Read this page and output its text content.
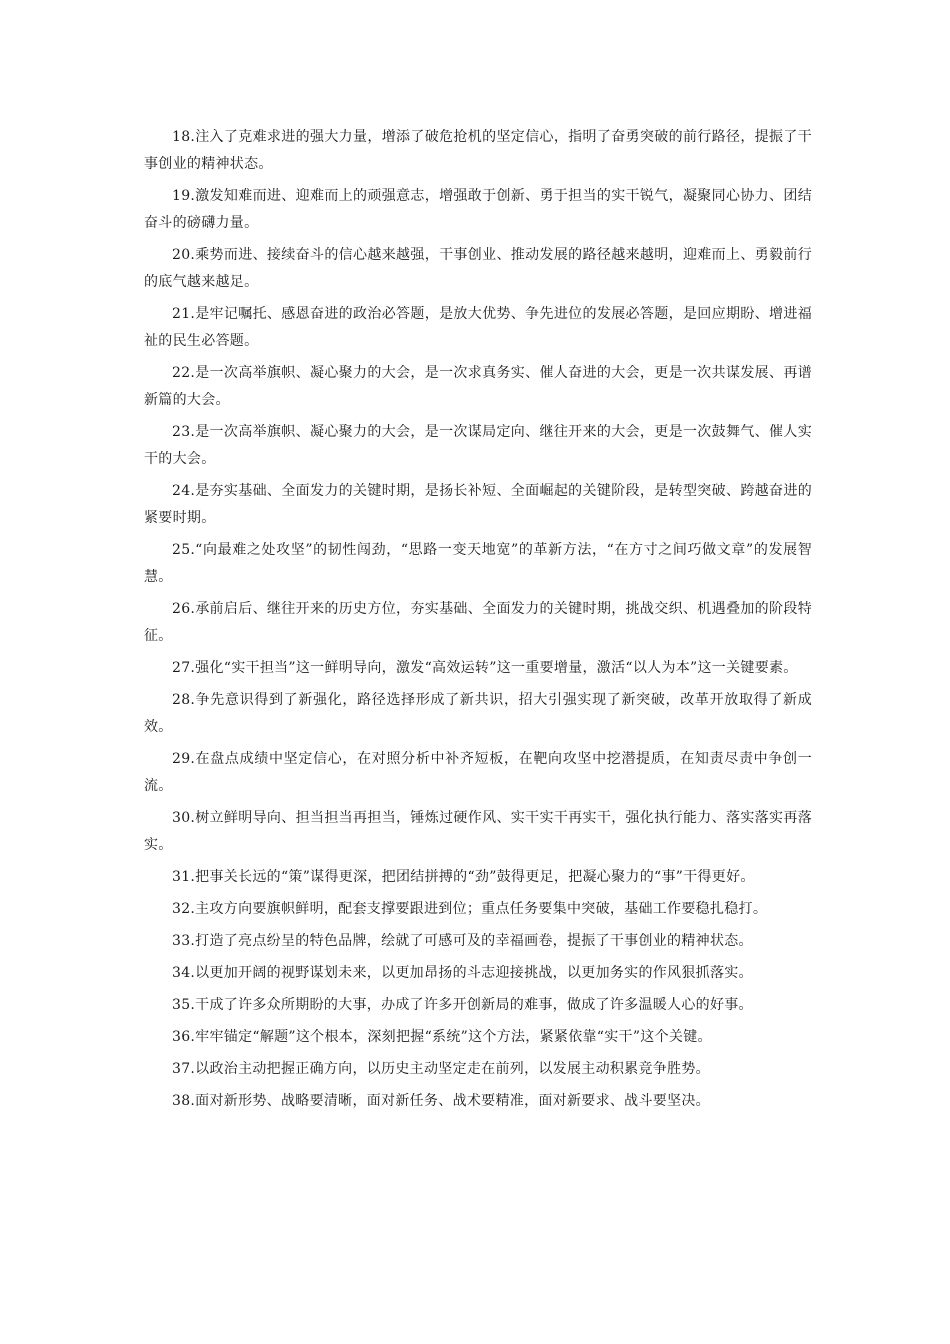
18.注入了克难求进的强大力量，增添了破危抢机的坚定信心，指明了奋勇突破的前行路径，提振了干事创业的精神状态。

19.激发知难而进、迎难而上的顽强意志，增强敢于创新、勇于担当的实干锐气，凝聚同心协力、团结奋斗的磅礴力量。

20.乘势而进、接续奋斗的信心越来越强，干事创业、推动发展的路径越来越明，迎难而上、勇毅前行的底气越来越足。

21.是牢记嘱托、感恩奋进的政治必答题，是放大优势、争先进位的发展必答题，是回应期盼、增进福祉的民生必答题。

22.是一次高举旗帜、凝心聚力的大会，是一次求真务实、催人奋进的大会，更是一次共谋发展、再谱新篇的大会。

23.是一次高举旗帜、凝心聚力的大会，是一次谋局定向、继往开来的大会，更是一次鼓舞气、催人实干的大会。

24.是夯实基础、全面发力的关键时期，是扬长补短、全面崛起的关键阶段，是转型突破、跨越奋进的紧要时期。

25.“向最难之处攻坚”的韧性闯劲，“思路一变天地宽”的革新方法，“在方寸之间巧做文章”的发展智慧。

26.承前启后、继往开来的历史方位，夯实基础、全面发力的关键时期，挑战交织、机遇叠加的阶段特征。

27.强化“实干担当”这一鲜明导向，激发“高效运转”这一重要增量，激活“以人为本”这一关键要素。

28.争先意识得到了新强化，路径选择形成了新共识，招大引强实现了新突破，改革开放取得了新成效。

29.在盘点成绩中坚定信心，在对照分析中补齐短板，在靶向攻坚中挖潜提质，在知责尽责中争创一流。

30.树立鲜明导向、担当担当再担当，锤炼过硬作风、实干实干再实干，强化执行能力、落实落实再落实。

31.把事关长远的“策”谋得更深，把团结拼搏的“劲”鼓得更足，把凝心聚力的“事”干得更好。

32.主攻方向要旗帜鲜明，配套支撑要跟进到位；重点任务要集中突破，基础工作要稳扎稳打。

33.打造了亮点纷呈的特色品牌，绘就了可感可及的幸福画卷，提振了干事创业的精神状态。

34.以更加开阔的视野谋划未来，以更加昂扬的斗志迎接挑战，以更加务实的作风狠抓落实。

35.干成了许多众所期盼的大事，办成了许多开创新局的难事，做成了许多温暖人心的好事。

36.牢牢锚定“解题”这个根本，深刻把握“系统”这个方法，紧紧依靠“实干”这个关键。

37.以政治主动把握正确方向，以历史主动坚定走在前列，以发展主动积累竞争胜势。

38.面对新形势、战略要清晰，面对新任务、战术要精准，面对新要求、战斗要坚决。
